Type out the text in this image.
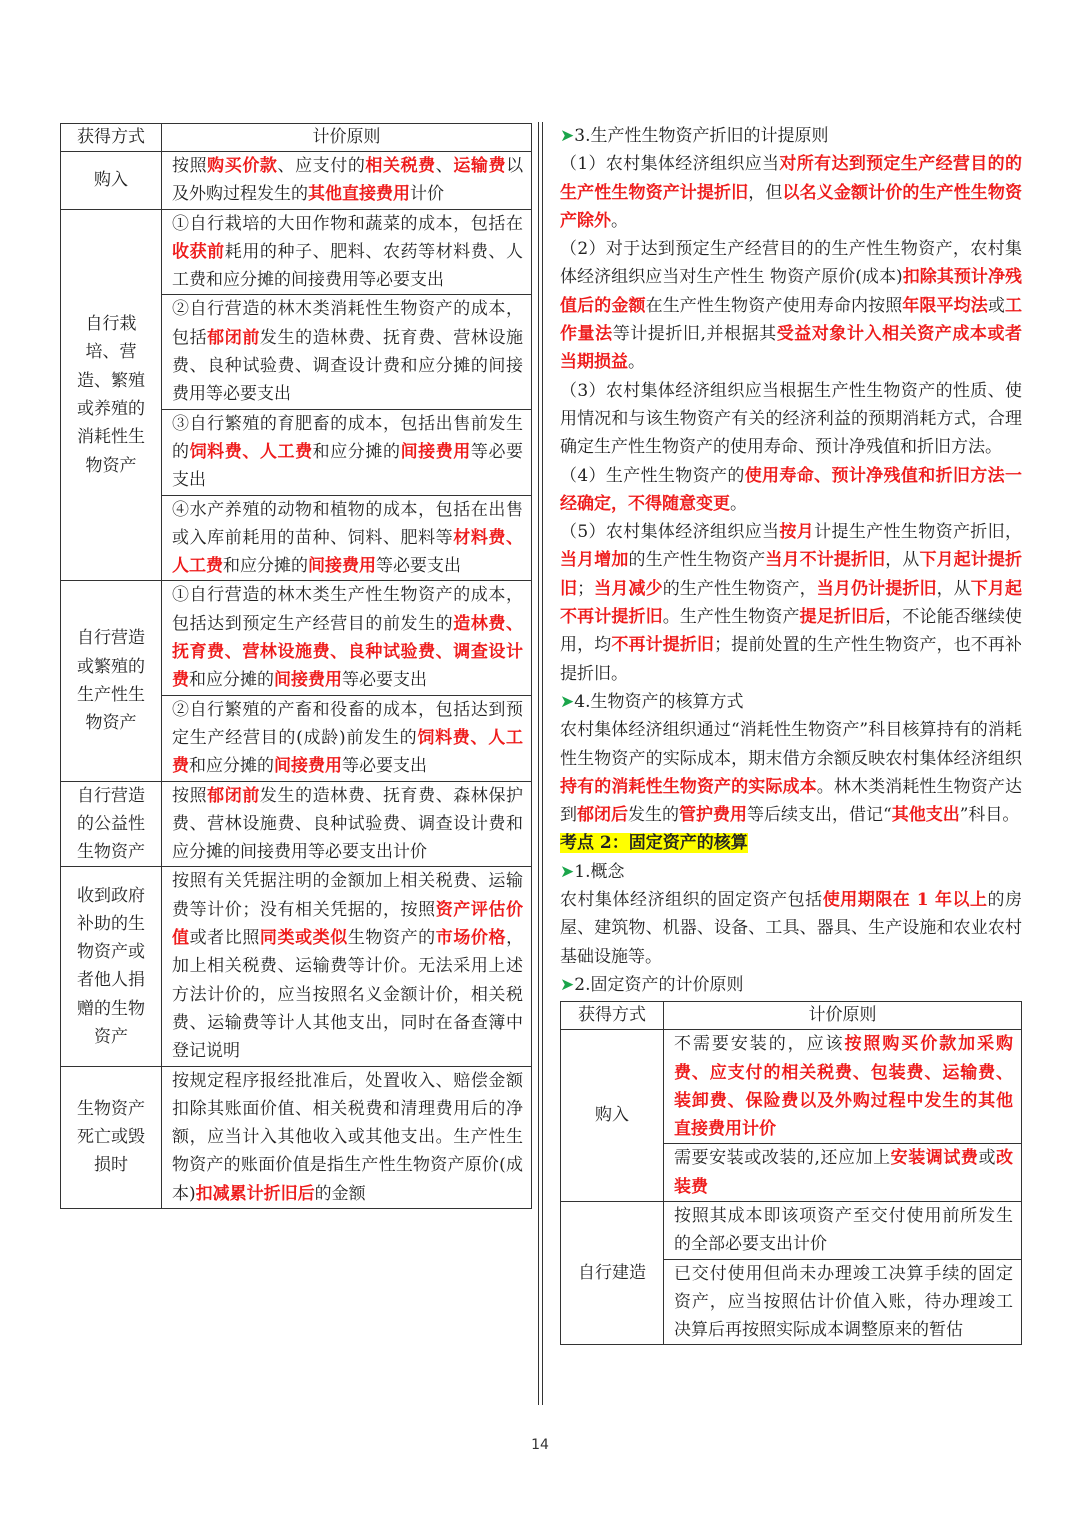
获得方式	计价原则
购入	按照购买价款、应支付的相关税费、运输费以及外购过程发生的其他直接费用计价
自行栽培、营造、繁殖或养殖的消耗性生物资产	①自行栽培的大田作物和蔬菜的成本，包括在收获前耗用的种子、肥料、农药等材料费、人工费和应分摊的间接费用等必要支出
	②自行营造的林木类消耗性生物资产的成本，包括郁闭前发生的造林费、抚育费、营林设施费、良种试验费、调查设计费和应分摊的间接费用等必要支出
	③自行繁殖的育肥畜的成本，包括出售前发生的饲料费、人工费和应分摊的间接费用等必要支出
	④水产养殖的动物和植物的成本，包括在出售或入库前耗用的苗种、饲料、肥料等材料费、人工费和应分摊的间接费用等必要支出
自行营造或繁殖的生产性生物资产	①自行营造的林木类生产性生物资产的成本，包括达到预定生产经营目的前发生的造林费、抚育费、营林设施费、良种试验费、调查设计费和应分摊的间接费用等必要支出
	②自行繁殖的产畜和役畜的成本，包括达到预定生产经营目的(成龄)前发生的饲料费、人工费和应分摊的间接费用等必要支出
自行营造的公益性生物资产	按照郁闭前发生的造林费、抚育费、森林保护费、营林设施费、良种试验费、调查设计费和应分摊的间接费用等必要支出计价
收到政府补助的生物资产或者他人捐赠的生物资产	按照有关凭据注明的金额加上相关税费、运输费等计价；没有相关凭据的，按照资产评估价值或者比照同类或类似生物资产的市场价格，加上相关税费、运输费等计价。无法采用上述方法计价的，应当按照名义金额计价，相关税费、运输费等计人其他支出，同时在备查簿中登记说明
生物资产死亡或毁损时	按规定程序报经批准后，处置收入、赔偿金额扣除其账面价值、相关税费和清理费用后的净额，应当计入其他收入或其他支出。生产性生物资产的账面价值是指生产性生物资产原价(成本)扣减累计折旧后的金额

➤3.生产性生物资产折旧的计提原则

（1）农村集体经济组织应当对所有达到预定生产经营目的的生产性生物资产计提折旧，但以名义金额计价的生产性生物资产除外。

（2）对于达到预定生产经营目的的生产性生物资产，农村集体经济组织应当对生产性生 物资产原价(成本)扣除其预计净残值后的金额在生产性生物资产使用寿命内按照年限平均法或工作量法等计提折旧,并根据其受益对象计入相关资产成本或者当期损益。

（3）农村集体经济组织应当根据生产性生物资产的性质、使用情况和与该生物资产有关的经济利益的预期消耗方式，合理确定生产性生物资产的使用寿命、预计净残值和折旧方法。

（4）生产性生物资产的使用寿命、预计净残值和折旧方法一经确定，不得随意变更。

（5）农村集体经济组织应当按月计提生产性生物资产折旧，当月增加的生产性生物资产当月不计提折旧，从下月起计提折旧；当月减少的生产性生物资产，当月仍计提折旧，从下月起不再计提折旧。生产性生物资产提足折旧后，不论能否继续使用，均不再计提折旧；提前处置的生产性生物资产，也不再补提折旧。

➤4.生物资产的核算方式

农村集体经济组织通过“消耗性生物资产”科目核算持有的消耗性生物资产的实际成本，期末借方余额反映农村集体经济组织持有的消耗性生物资产的实际成本。林木类消耗性生物资产达到郁闭后发生的管护费用等后续支出，借记“其他支出”科目。

考点 2：固定资产的核算

➤1.概念

农村集体经济组织的固定资产包括使用期限在 1 年以上的房屋、建筑物、机器、设备、工具、器具、生产设施和农业农村基础设施等。

➤2.固定资产的计价原则

获得方式	计价原则
购入	不需要安装的，应该按照购买价款加采购费、应支付的相关税费、包装费、运输费、装卸费、保险费以及外购过程中发生的其他直接费用计价
	需要安装或改装的,还应加上安装调试费或改装费
自行建造	按照其成本即该项资产至交付使用前所发生的全部必要支出计价
	已交付使用但尚未办理竣工决算手续的固定资产，应当按照估计价值入账，待办理竣工决算后再按照实际成本调整原来的暂估
14
